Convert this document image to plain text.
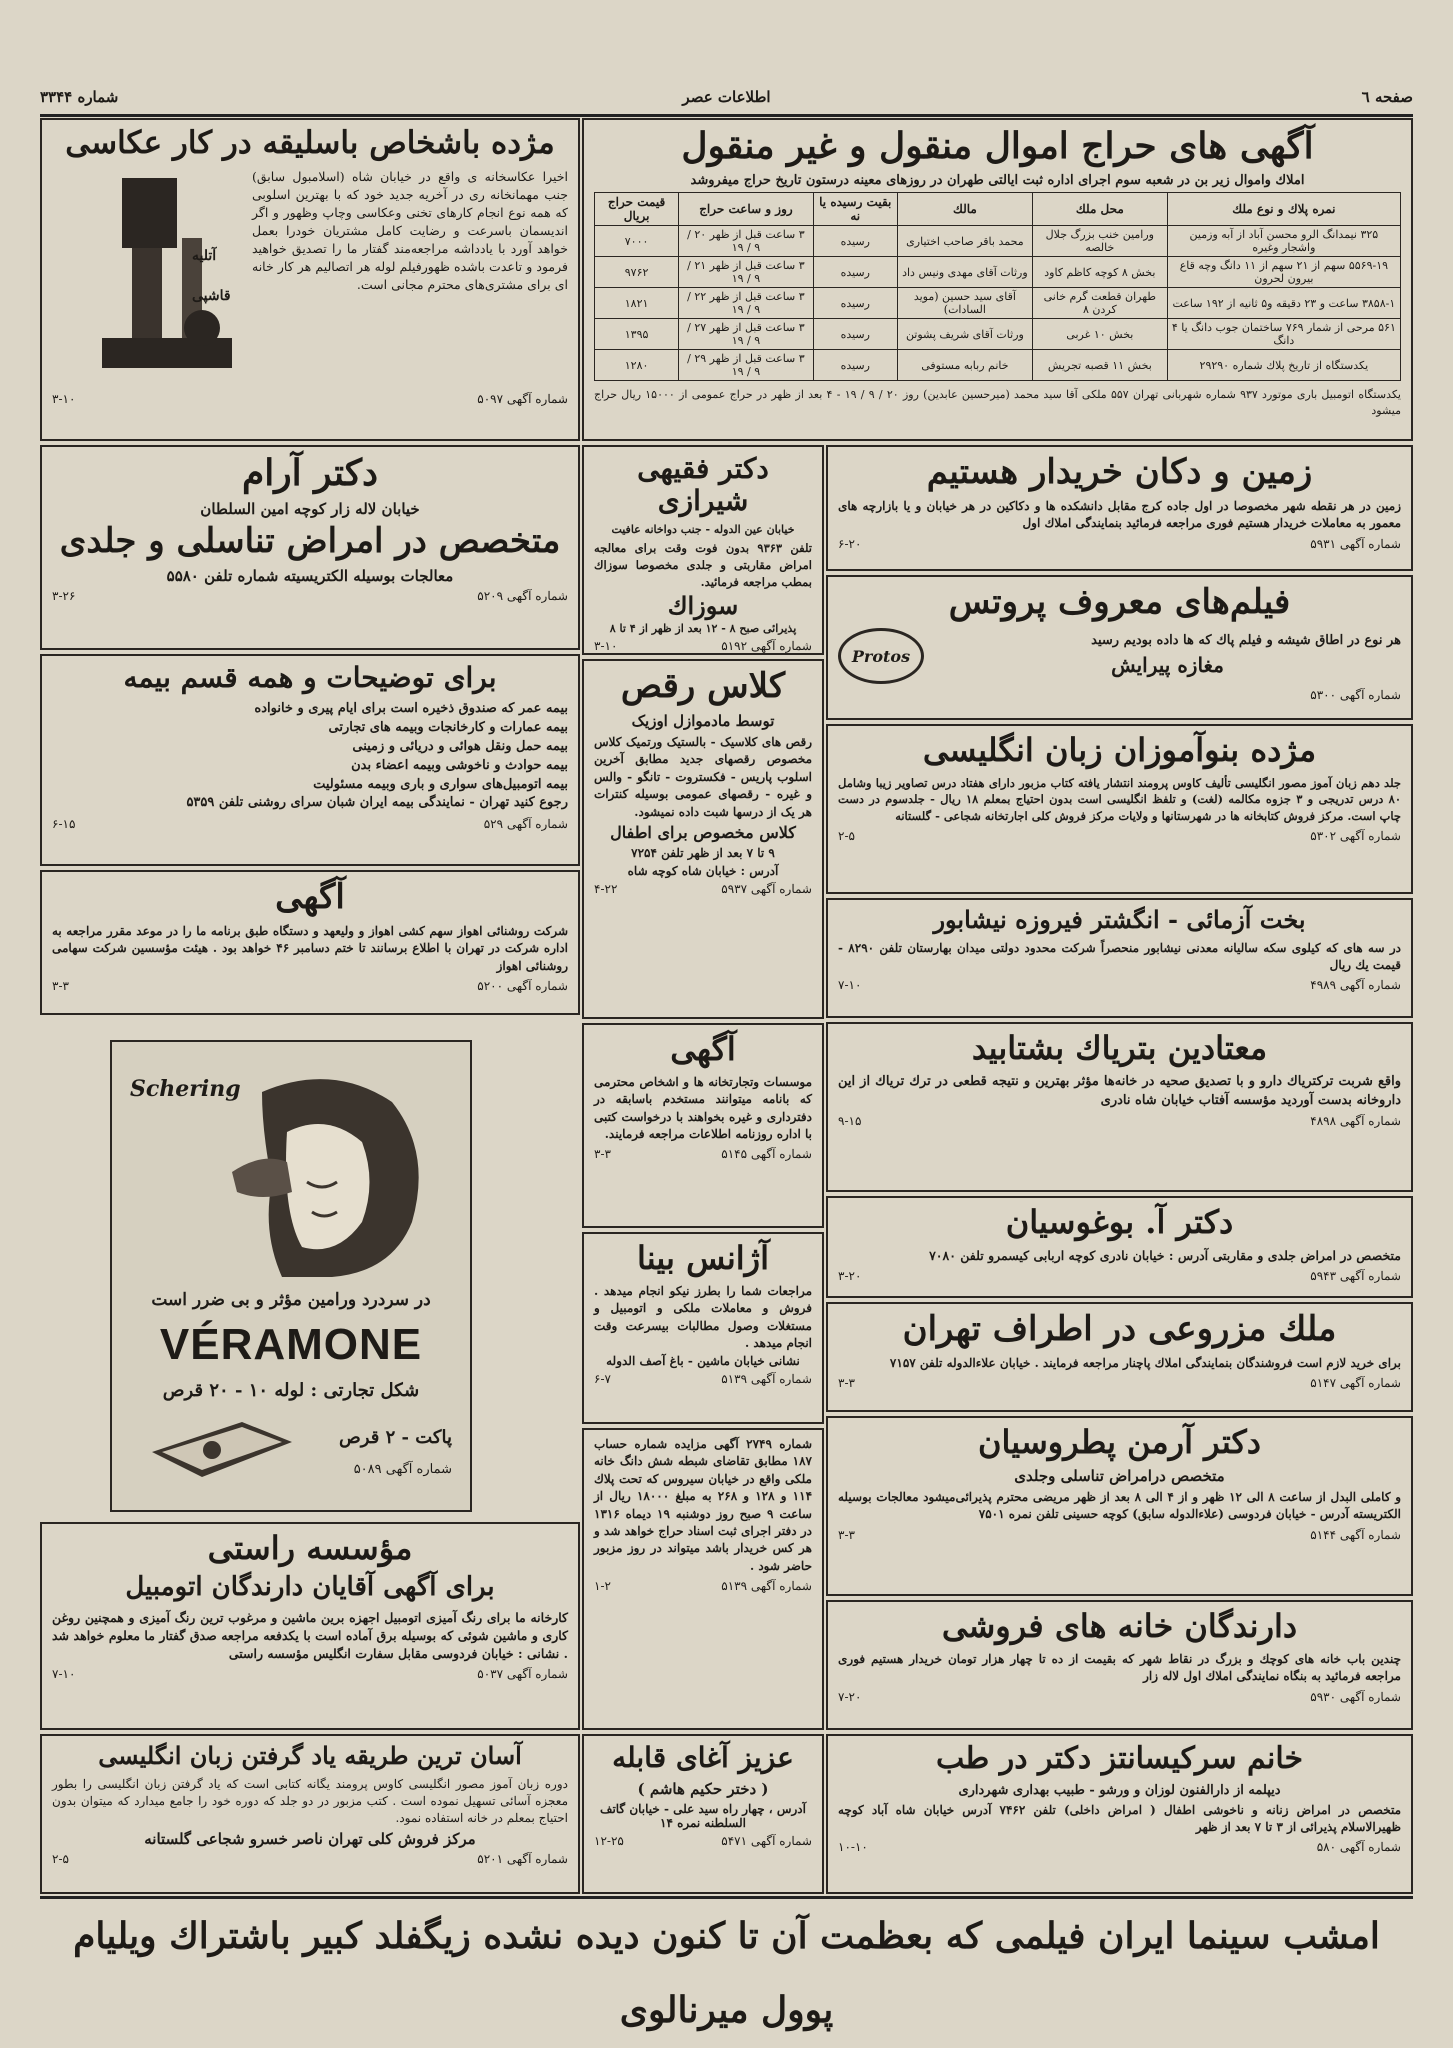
صفحه ٦
اطلاعات عصر
شماره ۳۳۴۴
آگهی های حراج اموال منقول و غیر منقول
املاك واموال زیر بن در شعبه سوم اجرای اداره ثبت ایالتی طهران در روزهای معینه درستون تاریخ حراج میفروشد
نمره پلاك و نوع ملك	محل ملك	مالك	بقیت رسیده یا نه	روز و ساعت حراج	قیمت حراج بریال
۳۲۵ نیمدانگ الرو محسن آباد از آبه وزمین واشجار وغیره	ورامین خنب بزرگ جلال خالصه	محمد باقر صاحب اختیاری	رسیده	۳ ساعت قبل از ظهر ۲۰ / ۹ / ۱۹	۷۰۰۰
۵۵۶۹-۱۹ سهم از ۲۱ سهم از ۱۱ دانگ وچه قاع بیرون لحرون	بخش ۸ کوچه کاظم کاود	ورثات آقای مهدی ونیس داد	رسیده	۳ ساعت قبل از ظهر ۲۱ / ۹ / ۱۹	۹۷۶۲
۳۸۵۸-۱ ساعت و ۲۳ دقیقه و۵ ثانیه از ۱۹۲ ساعت	طهران قطعت گرم خانی کردن ۸	آقای سید حسین (موید السادات)	رسیده	۳ ساعت قبل از ظهر ۲۲ / ۹ / ۱۹	۱۸۲۱
۵۶۱ مرحی از شمار ۷۶۹ ساختمان جوب دانگ یا ۴ دانگ	بخش ۱۰ غربی	ورثات آقای شریف پشوتن	رسیده	۳ ساعت قبل از ظهر ۲۷ / ۹ / ۱۹	۱۳۹۵
یکدستگاه از تاریخ پلاك شماره ۲۹۲۹۰	بخش ۱۱ قصبه تجریش	خانم ربابه مستوفی	رسیده	۳ ساعت قبل از ظهر ۲۹ / ۹ / ۱۹	۱۲۸۰
یکدستگاه اتومبیل باری موتورد ۹۳۷ شماره شهربانی تهران ۵۵۷ ملکی آقا سید محمد (میرحسین عابدین) روز ۲۰ / ۹ / ۱۹ - ۴ بعد از ظهر در حراج عمومی از ۱۵۰۰۰ ریال حراج میشود
مژده باشخاص باسلیقه در کار عکاسی
اخیرا عکاسخانه ی واقع در خیابان شاه (اسلامبول سابق) جنب مهمانخانه ری در آخریه جدید خود که با بهترین اسلوبی که همه نوع انجام کارهای تخنی وعکاسی وچاپ وظهور و اگر اندیسمان باسرعت و رضایت کامل مشتریان خودرا بعمل خواهد آورد با یادداشه مراجعه‌مند گفتار ما را تصدیق خواهید فرمود و تاعدت باشده ظهورفیلم لوله هر اتصالیم هر کار خانه ای برای مشتری‌های محترم مجانی است.
آتلیه
قاشپی
شماره آگهی ۵۰۹۷
۳-۱۰
دکتر آرام
خیابان لاله زار کوچه امین السلطان
متخصص در امراض تناسلی و جلدی
معالجات بوسیله الکتریسیته شماره تلفن ۵۵۸۰
شماره آگهی ۵۲۰۹
۳-۲۶
برای توضیحات و همه قسم بیمه
بیمه عمر که صندوق ذخیره است برای ایام پیری و خانواده
بیمه عمارات و کارخانجات وبیمه های تجارتی
بیمه حمل ونقل هوائی و دریائی و زمینی
بیمه حوادث و ناخوشی وبیمه اعضاء بدن
بیمه اتومبیل‌های سواری و باری وبیمه مسئولیت
رجوع کنید تهران - نمایندگی بیمه ایران شبان سرای روشنی تلفن ۵۳۵۹
شماره آگهی ۵۲۹
۶-۱۵
آگهی
شرکت روشنائی اهواز سهم کشی اهواز و ولیعهد و دستگاه طبق برنامه ما را در موعد مقرر مراجعه به اداره شرکت در تهران با اطلاع برسانند تا ختم دسامبر ۴۶ خواهد بود . هیئت مؤسسین شرکت سهامی روشنائی اهواز
شماره آگهی ۵۲۰۰
۳-۳
Schering
در سردرد ورامین مؤثر و بی ضرر است
VÉRAMONE
شکل تجارتی : لوله ۱۰ - ۲۰ قرص
پاکت - ۲ قرص
شماره آگهی ۵۰۸۹
مؤسسه راستی
برای آگهی آقایان دارندگان اتومبیل
کارخانه ما برای رنگ آمیزی اتومبیل اجهزه برین ماشین و مرغوب ترین رنگ آمیزی و همچنین روغن کاری و ماشین شوئی که بوسیله برق آماده است با یکدفعه مراجعه صدق گفتار ما معلوم خواهد شد . نشانی : خیابان فردوسی مقابل سفارت انگلیس مؤسسه راستی
شماره آگهی ۵۰۳۷
۷-۱۰
آسان ترین طریقه یاد گرفتن زبان انگلیسی
دوره زبان آموز مصور انگلیسی کاوس پرومند یگانه کتابی است که یاد گرفتن زبان انگلیسی را بطور معجزه آسائی تسهیل نموده است . کتب مزبور در دو جلد که دوره خود را جامع میدارد که میتوان بدون احتیاج بمعلم در خانه استفاده نمود.
مرکز فروش کلی تهران ناصر خسرو شجاعی گلستانه
شماره آگهی ۵۲۰۱
۲-۵
دکتر فقیهی شیرازی
خیابان عین الدوله - جنب دواخانه عافیت
تلفن ۹۳۶۳ بدون فوت وقت برای معالجه امراض مقاربتی و جلدی مخصوصا سوزاك بمطب مراجعه فرمائید.
سوزاك
پذیرائی صبح ۸ - ۱۲ بعد از ظهر از ۴ تا ۸
شماره آگهی ۵۱۹۲
۳-۱۰
کلاس رقص
توسط مادموازل اوزیک
رقص های کلاسیک - بالستیک ورتمیک کلاس مخصوص رقصهای جدید مطابق آخرین اسلوب پاریس - فکستروت - تانگو - والس و غیره - رقصهای عمومی بوسیله کنترات هر یک از درسها شبت داده نمیشود.
کلاس مخصوص برای اطفال
۹ تا ۷ بعد از ظهر تلفن ۷۲۵۴
آدرس : خیابان شاه کوچه شاه
شماره آگهی ۵۹۳۷
۴-۲۲
آگهی
موسسات وتجارتخانه ها و اشخاص محترمی که بانامه میتوانند مستخدم باسابقه در دفترداری و غیره بخواهند با درخواست کتبی با اداره روزنامه اطلاعات مراجعه فرمایند.
شماره آگهی ۵۱۴۵
۳-۳
آژانس بینا
مراجعات شما را بطرز نیکو انجام میدهد . فروش و معاملات ملکی و اتومبیل و مستغلات وصول مطالبات بیسرعت وقت انجام میدهد .
نشانی خیابان ماشین - باغ آصف الدوله
شماره آگهی ۵۱۳۹
۶-۷
شماره ۲۷۴۹ آگهی مزایده شماره حساب ۱۸۷ مطابق تقاضای شبطه شش دانگ خانه ملکی واقع در خیابان سیروس که تحت پلاك ۱۱۴ و ۱۲۸ و ۲۶۸ به مبلغ ۱۸۰۰۰ ریال از ساعت ۹ صبح روز دوشنبه ۱۹ دیماه ۱۳۱۶ در دفتر اجرای ثبت اسناد حراج خواهد شد و هر کس خریدار باشد میتواند در روز مزبور حاضر شود .
شماره آگهی ۵۱۳۹
۱-۲
عزیز آغای قابله
( دختر حکیم هاشم )
آدرس ، چهار راه سید علی - خیابان گاتف السلطنه نمره ۱۴
شماره آگهی ۵۴۷۱
۱۲-۲۵
زمین و دکان خریدار هستیم
زمین در هر نقطه شهر مخصوصا در اول جاده کرج مقابل دانشکده ها و دکاکین در هر خیابان و یا بازارچه های معمور به معاملات خریدار هستیم فوری مراجعه فرمائید بنمایندگی املاك اول
شماره آگهی ۵۹۳۱
۶-۲۰
فیلم‌های معروف پروتس
هر نوع در اطاق شیشه و فیلم پاك که ها داده بودیم رسید
مغازه پیرایش
Protos
شماره آگهی ۵۳۰۰
مژده بنوآموزان زبان انگلیسی
جلد دهم زبان آموز مصور انگلیسی تألیف کاوس پرومند انتشار یافته کتاب مزبور دارای هفتاد درس تصاویر زیبا وشامل ۸۰ درس تدریجی و ۳ جزوه مکالمه (لغت) و تلفظ انگلیسی است بدون احتیاج بمعلم ۱۸ ریال - جلدسوم در دست چاپ است. مرکز فروش کتابخانه ها در شهرستانها و ولایات مرکز فروش کلی اجارتخانه شجاعی - گلستانه
شماره آگهی ۵۳۰۲
۲-۵
بخت آزمائی - انگشتر فیروزه نیشابور
در سه های که کیلوی سکه سالیانه معدنی نیشابور منحصراً شرکت محدود دولتی میدان بهارستان تلفن ۸۲۹۰ - قیمت یك ریال
شماره آگهی ۴۹۸۹
۷-۱۰
معتادین بتریاك بشتابید
واقع شربت ترکتریاك دارو و با تصدیق صحیه در خانه‌ها مؤثر بهترین و نتیجه قطعی در ترك تریاك از این داروخانه بدست آوردید مؤسسه آفتاب خیابان شاه نادری
شماره آگهی ۴۸۹۸
۹-۱۵
دکتر آ. بوغوسیان
متخصص در امراض جلدی و مقاربتی آدرس : خیابان نادری کوچه اربابی کیسمرو تلفن ۷۰۸۰
شماره آگهی ۵۹۴۳
۳-۲۰
ملك مزروعی در اطراف تهران
برای خرید لازم است فروشندگان بنمایندگی املاك پاچنار مراجعه فرمایند . خیابان علاءالدوله تلفن ۷۱۵۷
شماره آگهی ۵۱۴۷
۳-۳
دکتر آرمن پطروسیان
متخصص درامراض تناسلی وجلدی
و کاملی البدل از ساعت ۸ الی ۱۲ ظهر و از ۴ الی ۸ بعد از ظهر مریضی محترم پذیرائی‌میشود معالجات بوسیله الکتریسته آدرس - خیابان فردوسی (علاءالدوله سابق) کوچه حسینی تلفن نمره ۷۵۰۱
شماره آگهی ۵۱۴۴
۳-۳
دارندگان خانه های فروشی
چندین باب خانه های کوچك و بزرگ در نقاط شهر که بقیمت از ده تا چهار هزار تومان خریدار هستیم فوری مراجعه فرمائید به بنگاه نمایندگی املاك اول لاله زار
شماره آگهی ۵۹۳۰
۷-۲۰
خانم سرکیسانتز دکتر در طب
دیپلمه از دارالفنون لوزان و ورشو - طبیب بهداری شهرداری
متخصص در امراض زنانه و ناخوشی اطفال ( امراض داخلی) تلفن ۷۴۶۲ آدرس خیابان شاه آباد کوچه ظهیرالاسلام پذیرائی از ۳ تا ۷ بعد از ظهر
شماره آگهی ۵۸۰
۱۰-۱۰
امشب سینما ایران فیلمی که بعظمت آن تا کنون دیده نشده زیگفلد کبیر باشتراك ویلیام پوول میرنالوی
